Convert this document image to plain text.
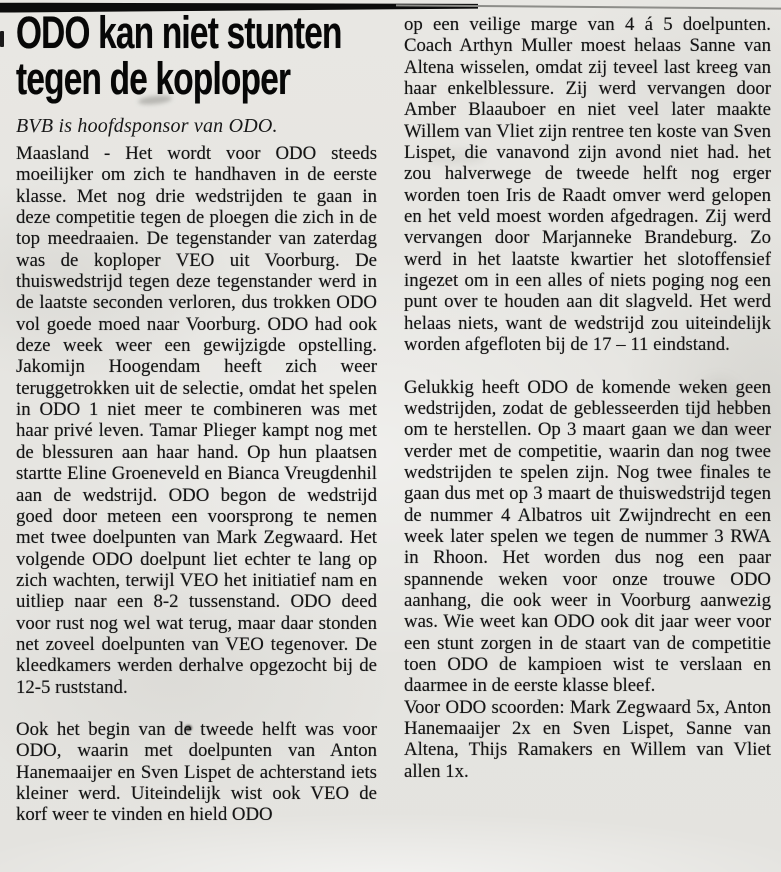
ODO kan niet stunten
tegen de koploper
BVB is hoofdsponsor van ODO.

Maasland - Het wordt voor ODO steeds moeilijker om zich te handhaven in de eerste klasse. Met nog drie wedstrijden te gaan in deze competitie tegen de ploegen die zich in de top meedraaien. De tegenstander van zaterdag was de koploper VEO uit Voorburg. De thuiswedstrijd tegen deze tegenstander werd in de laatste seconden verloren, dus trokken ODO vol goede moed naar Voorburg. ODO had ook deze week weer een gewijzigde opstelling. Jakomijn Hoogendam heeft zich weer teruggetrokken uit de selectie, omdat het spelen in ODO 1 niet meer te combineren was met haar privé leven. Tamar Plieger kampt nog met de blessuren aan haar hand. Op hun plaatsen startte Eline Groeneveld en Bianca Vreugdenhil aan de wedstrijd. ODO begon de wedstrijd goed door meteen een voorsprong te nemen met twee doelpunten van Mark Zegwaard. Het volgende ODO doelpunt liet echter te lang op zich wachten, terwijl VEO het initiatief nam en uitliep naar een 8-2 tussenstand. ODO deed voor rust nog wel wat terug, maar daar stonden net zoveel doelpunten van VEO tegenover. De kleedkamers werden derhalve opgezocht bij de 12-5 ruststand.

Ook het begin van de tweede helft was voor ODO, waarin met doelpunten van Anton Hanemaaijer en Sven Lispet de achterstand iets kleiner werd. Uiteindelijk wist ook VEO de korf weer te vinden en hield ODO

op een veilige marge van 4 á 5 doelpunten. Coach Arthyn Muller moest helaas Sanne van Altena wisselen, omdat zij teveel last kreeg van haar enkelblessure. Zij werd vervangen door Amber Blaauboer en niet veel later maakte Willem van Vliet zijn rentree ten koste van Sven Lispet, die vanavond zijn avond niet had. het zou halverwege de tweede helft nog erger worden toen Iris de Raadt omver werd gelopen en het veld moest worden afgedragen. Zij werd vervangen door Marjanneke Brandeburg. Zo werd in het laatste kwartier het slotoffensief ingezet om in een alles of niets poging nog een punt over te houden aan dit slagveld. Het werd helaas niets, want de wedstrijd zou uiteindelijk worden afgefloten bij de 17 – 11 eindstand.

Gelukkig heeft ODO de komende weken geen wedstrijden, zodat de geblesseerden tijd hebben om te herstellen. Op 3 maart gaan we dan weer verder met de competitie, waarin dan nog twee wedstrijden te spelen zijn. Nog twee finales te gaan dus met op 3 maart de thuiswedstrijd tegen de nummer 4 Albatros uit Zwijndrecht en een week later spelen we tegen de nummer 3 RWA in Rhoon. Het worden dus nog een paar spannende weken voor onze trouwe ODO aanhang, die ook weer in Voorburg aanwezig was. Wie weet kan ODO ook dit jaar weer voor een stunt zorgen in de staart van de competitie toen ODO de kampioen wist te verslaan en daarmee in de eerste klasse bleef.

Voor ODO scoorden: Mark Zegwaard 5x, Anton Hanemaaijer 2x en Sven Lispet, Sanne van Altena, Thijs Ramakers en Willem van Vliet allen 1x.
